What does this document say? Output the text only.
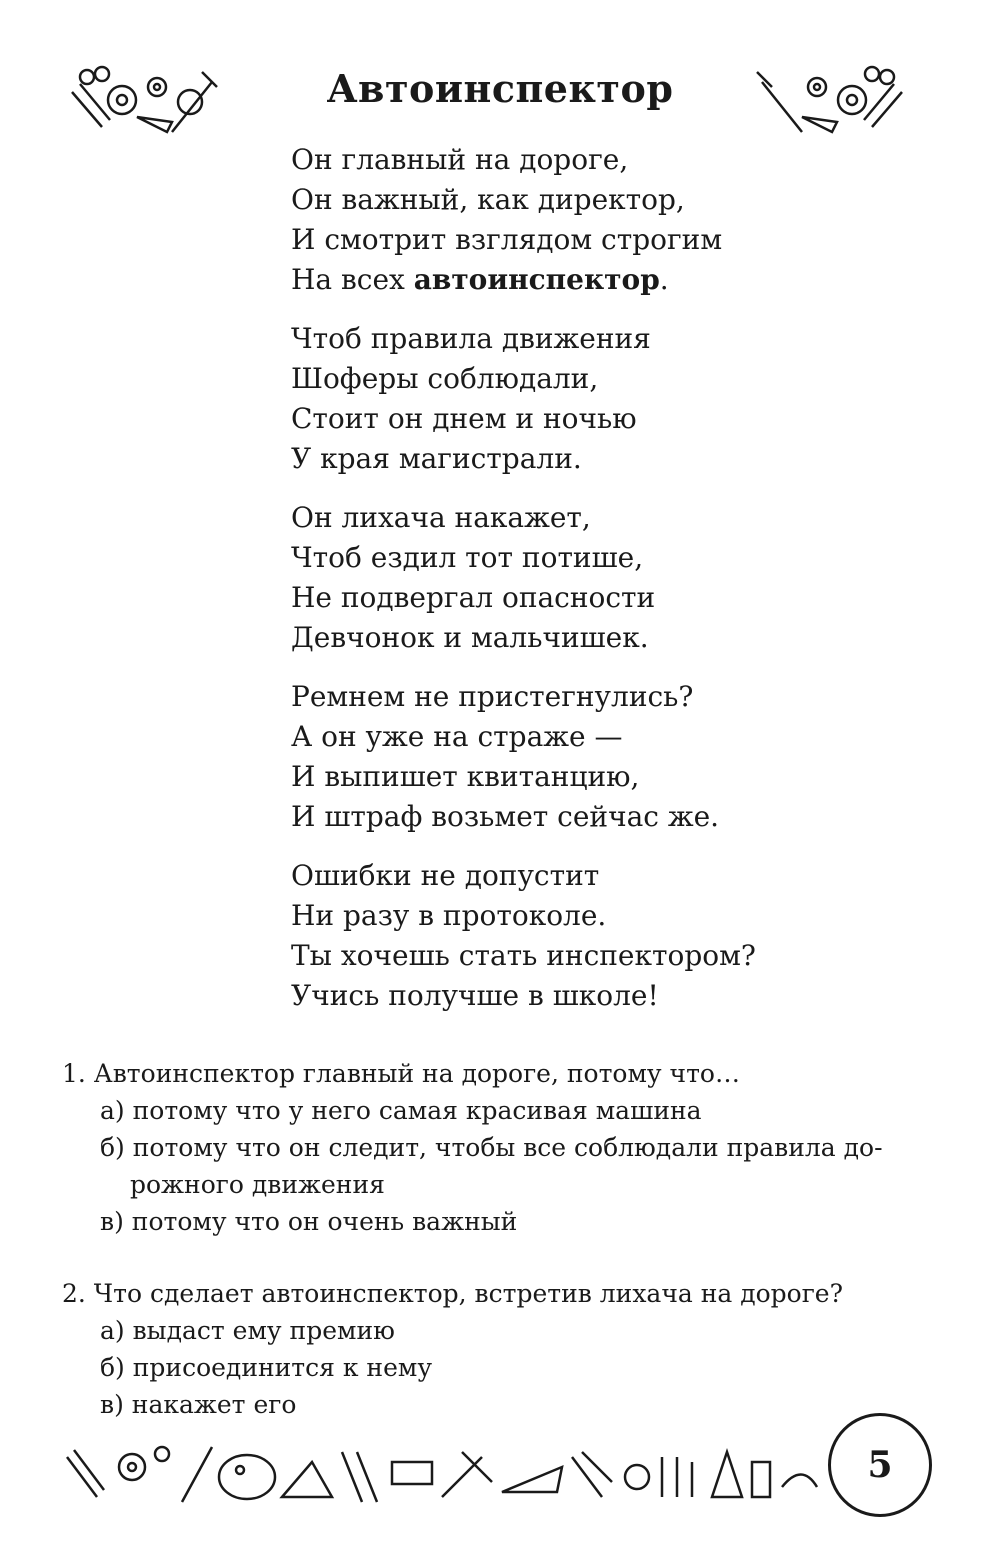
Автоинспектор
Он главный на дороге,
Он важный, как директор,
И смотрит взглядом строгим
На всех автоинспектор.
Чтоб правила движения
Шоферы соблюдали,
Стоит он днем и ночью
У края магистрали.
Он лихача накажет,
Чтоб ездил тот потише,
Не подвергал опасности
Девчонок и мальчишек.
Ремнем не пристегнулись?
А он уже на страже —
И выпишет квитанцию,
И штраф возьмет сейчас же.
Ошибки не допустит
Ни разу в протоколе.
Ты хочешь стать инспектором?
Учись получше в школе!
1. Автоинспектор главный на дороге, потому что…
а) потому что у него самая красивая машина
б) потому что он следит, чтобы все соблюдали правила до-
рожного движения
в) потому что он очень важный
2. Что сделает автоинспектор, встретив лихача на дороге?
а) выдаст ему премию
б) присоединится к нему
в) накажет его
5
